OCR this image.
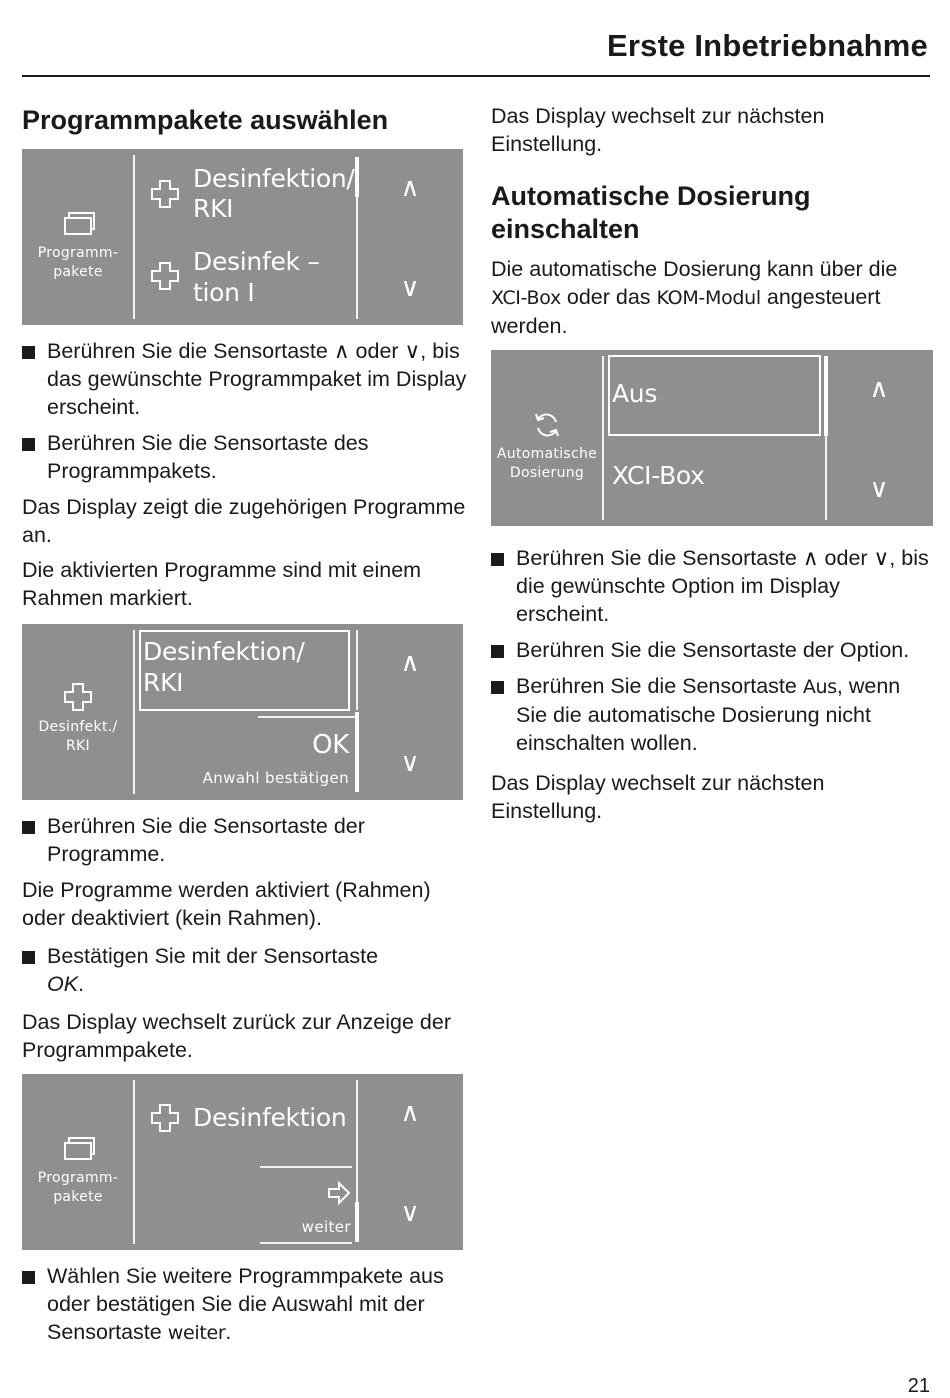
Erste Inbetriebnahme
Programmpakete auswählen
Programm-
pakete
Desinfektion/
RKI
Desinfek –
tion I
∧
∨
Berühren Sie die Sensortaste ∧ oder ∨, bis das gewünschte Programmpaket im Display erscheint.
Berühren Sie die Sensortaste des Programmpakets.

Das Display zeigt die zugehörigen Programme an.

Die aktivierten Programme sind mit einem Rahmen markiert.

Desinfekt./
RKI
Desinfektion/
RKI
OK
Anwahl bestätigen
∧
∨
Berühren Sie die Sensortaste der Programme.

Die Programme werden aktiviert (Rahmen) oder deaktiviert (kein Rahmen).

Bestätigen Sie mit der Sensortaste
OK.

Das Display wechselt zurück zur Anzeige der Programmpakete.

Programm-
pakete
Desinfektion
weiter
∧
∨
Wählen Sie weitere Programmpakete aus oder bestätigen Sie die Auswahl mit der Sensortaste weiter.

Das Display wechselt zur nächsten Einstellung.

Automatische Dosierung einschalten

Die automatische Dosierung kann über die XCI-Box oder das KOM-Modul angesteuert werden.

Automatische
Dosierung
Aus
XCI-Box
∧
∨
Berühren Sie die Sensortaste ∧ oder ∨, bis die gewünschte Option im Display erscheint.
Berühren Sie die Sensortaste der Option.
Berühren Sie die Sensortaste Aus, wenn Sie die automatische Dosierung nicht einschalten wollen.

Das Display wechselt zur nächsten Einstellung.

21
